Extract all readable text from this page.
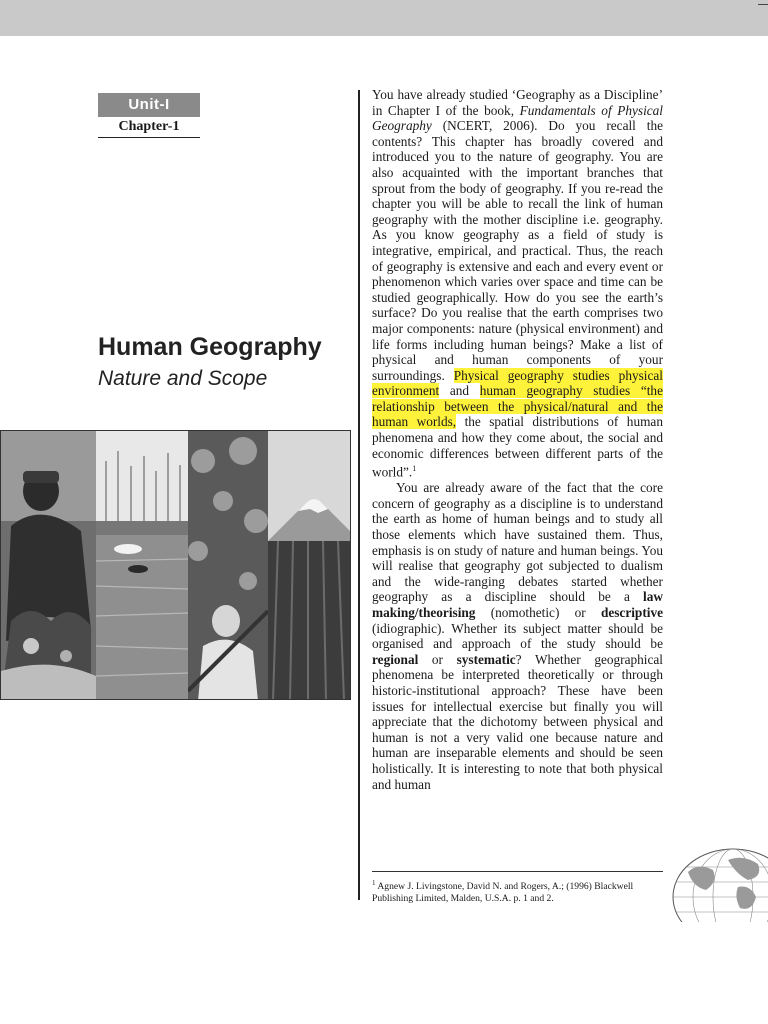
Unit-I
Chapter-1
Human Geography
Nature and Scope

You have already studied ‘Geography as a Discipline’ in Chapter I of the book, Fundamentals of Physical Geography (NCERT, 2006). Do you recall the contents? This chapter has broadly covered and introduced you to the nature of geography. You are also acquainted with the important branches that sprout from the body of geography. If you re-read the chapter you will be able to recall the link of human geography with the mother discipline i.e. geography. As you know geography as a field of study is integrative, empirical, and practical. Thus, the reach of geography is extensive and each and every event or phenomenon which varies over space and time can be studied geographically. How do you see the earth’s surface? Do you realise that the earth comprises two major components: nature (physical environment) and life forms including human beings? Make a list of physical and human components of your surroundings. Physical geography studies physical environment and human geography studies “the relationship between the physical/natural and the human worlds, the spatial distributions of human phenomena and how they come about, the social and economic differences between different parts of the world”.$^1$

You are already aware of the fact that the core concern of geography as a discipline is to understand the earth as home of human beings and to study all those elements which have sustained them. Thus, emphasis is on study of nature and human beings. You will realise that geography got subjected to dualism and the wide-ranging debates started whether geography as a discipline should be a law making/theorising (nomothetic) or descriptive (idiographic). Whether its subject matter should be organised and approach of the study should be regional or systematic? Whether geographical phenomena be interpreted theoretically or through historic-institutional approach? These have been issues for intellectual exercise but finally you will appreciate that the dichotomy between physical and human is not a very valid one because nature and human are inseparable elements and should be seen holistically. It is interesting to note that both physical and human

$^1$ Agnew J. Livingstone, David N. and Rogers, A.; (1996) Blackwell Publishing Limited, Malden, U.S.A. p. 1 and 2.
